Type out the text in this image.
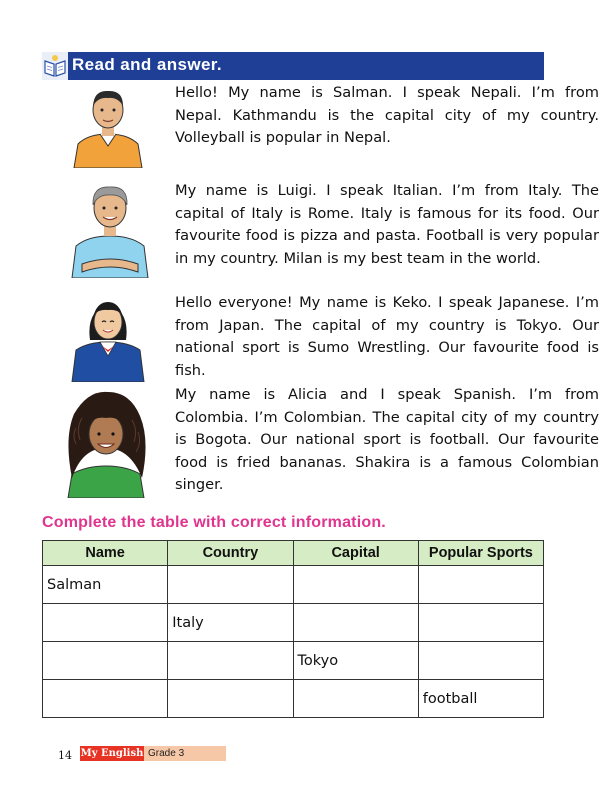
Read and answer.

Hello! My name is Salman. I speak Nepali. I’m from Nepal. Kathmandu is the capital city of my country. Volleyball is popular in Nepal.

My name is Luigi. I speak Italian. I’m from Italy. The capital of Italy is Rome. Italy is famous for its food. Our favourite food is pizza and pasta. Football is very popular in my country. Milan is my best team in the world.

Hello everyone! My name is Keko. I speak Japanese. I’m from Japan. The capital of my country is Tokyo. Our national sport is Sumo Wrestling. Our favourite food is fish.

My name is Alicia and I speak Spanish. I’m from Colombia. I’m Colombian. The capital city of my country is Bogota. Our national sport is football. Our favourite food is fried bananas. Shakira is a famous Colombian singer.

Complete the table with correct information.
Name	Country	Capital	Popular Sports
Salman			
	Italy		
		Tokyo	
			football
14 My English Grade 3
